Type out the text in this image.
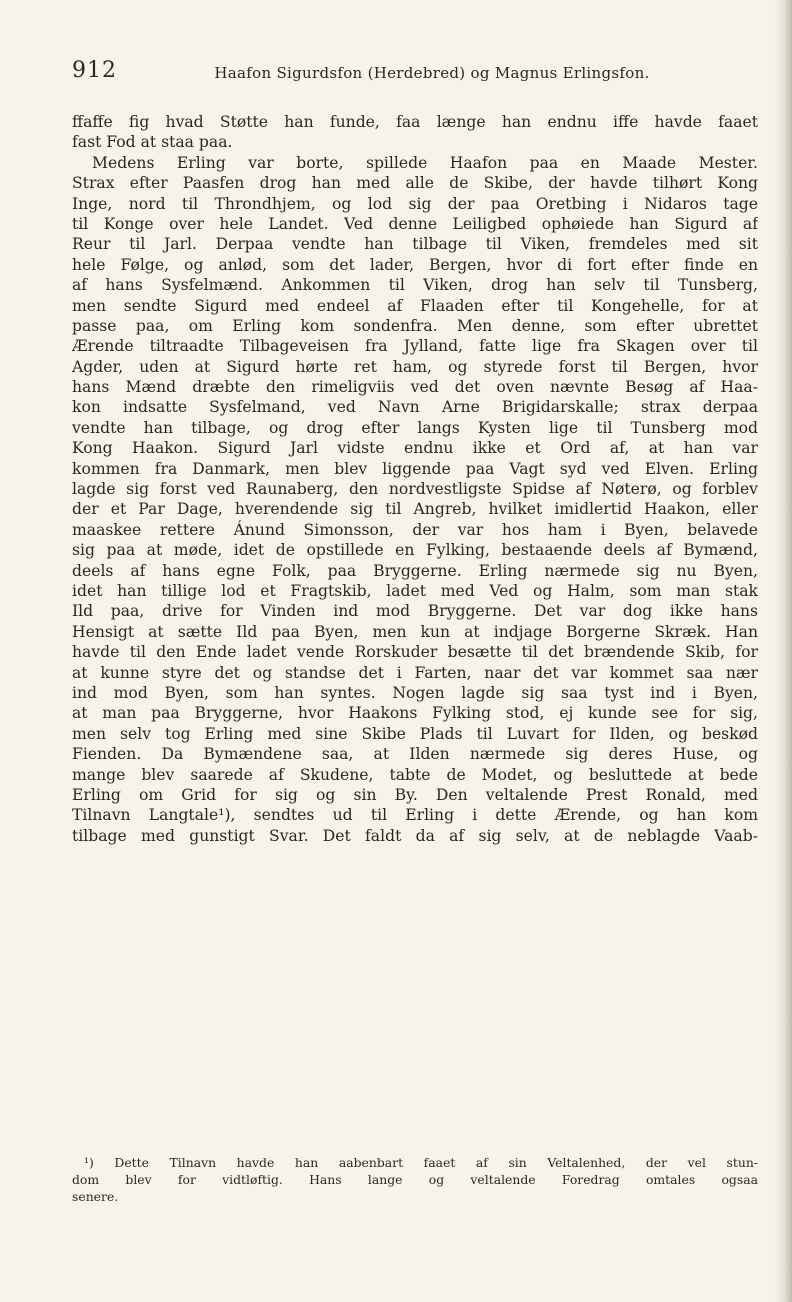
912	Haafon Sigurdsfon (Herdebred) og Magnus Erlingsfon.
ffaffe fig hvad Støtte han funde, faa længe han endnu iffe havde faaet
fast Fod at staa paa.
Medens Erling var borte, spillede Haafon paa en Maade Mester.
Strax efter Paasfen drog han med alle de Skibe, der havde tilhørt Kong
Inge, nord til Throndhjem, og lod sig der paa Oretbing i Nidaros tage
til Konge over hele Landet. Ved denne Leiligbed ophøiede han Sigurd af
Reur til Jarl. Derpaa vendte han tilbage til Viken, fremdeles med sit
hele Følge, og anlød, som det lader, Bergen, hvor di fort efter finde en
af hans Sysfelmænd. Ankommen til Viken, drog han selv til Tunsberg,
men sendte Sigurd med endeel af Flaaden efter til Kongehelle, for at
passe paa, om Erling kom sondenfra. Men denne, som efter ubrettet
Ærende tiltraadte Tilbageveisen fra Jylland, fatte lige fra Skagen over til
Agder, uden at Sigurd hørte ret ham, og styrede forst til Bergen, hvor
hans Mænd dræbte den rimeligviis ved det oven nævnte Besøg af Haa-
kon indsatte Sysfelmand, ved Navn Arne Brigidarskalle; strax derpaa
vendte han tilbage, og drog efter langs Kysten lige til Tunsberg mod
Kong Haakon. Sigurd Jarl vidste endnu ikke et Ord af, at han var
kommen fra Danmark, men blev liggende paa Vagt syd ved Elven. Erling
lagde sig forst ved Raunaberg, den nordvestligste Spidse af Nøterø, og forblev
der et Par Dage, hverendende sig til Angreb, hvilket imidlertid Haakon, eller
maaskee rettere Ánund Simonsson, der var hos ham i Byen, belavede
sig paa at møde, idet de opstillede en Fylking, bestaaende deels af Bymænd,
deels af hans egne Folk, paa Bryggerne. Erling nærmede sig nu Byen,
idet han tillige lod et Fragtskib, ladet med Ved og Halm, som man stak
Ild paa, drive for Vinden ind mod Bryggerne. Det var dog ikke hans
Hensigt at sætte Ild paa Byen, men kun at indjage Borgerne Skræk. Han
havde til den Ende ladet vende Rorskuder besætte til det brændende Skib, for
at kunne styre det og standse det i Farten, naar det var kommet saa nær
ind mod Byen, som han syntes. Nogen lagde sig saa tyst ind i Byen,
at man paa Bryggerne, hvor Haakons Fylking stod, ej kunde see for sig,
men selv tog Erling med sine Skibe Plads til Luvart for Ilden, og beskød
Fienden. Da Bymændene saa, at Ilden nærmede sig deres Huse, og
mange blev saarede af Skudene, tabte de Modet, og besluttede at bede
Erling om Grid for sig og sin By. Den veltalende Prest Ronald, med
Tilnavn Langtale¹), sendtes ud til Erling i dette Ærende, og han kom
tilbage med gunstigt Svar. Det faldt da af sig selv, at de neblagde Vaab-
¹) Dette Tilnavn havde han aabenbart faaet af sin Veltalenhed, der vel stun-
dom blev for vidtløftig. Hans lange og veltalende Foredrag omtales ogsaa
senere.
